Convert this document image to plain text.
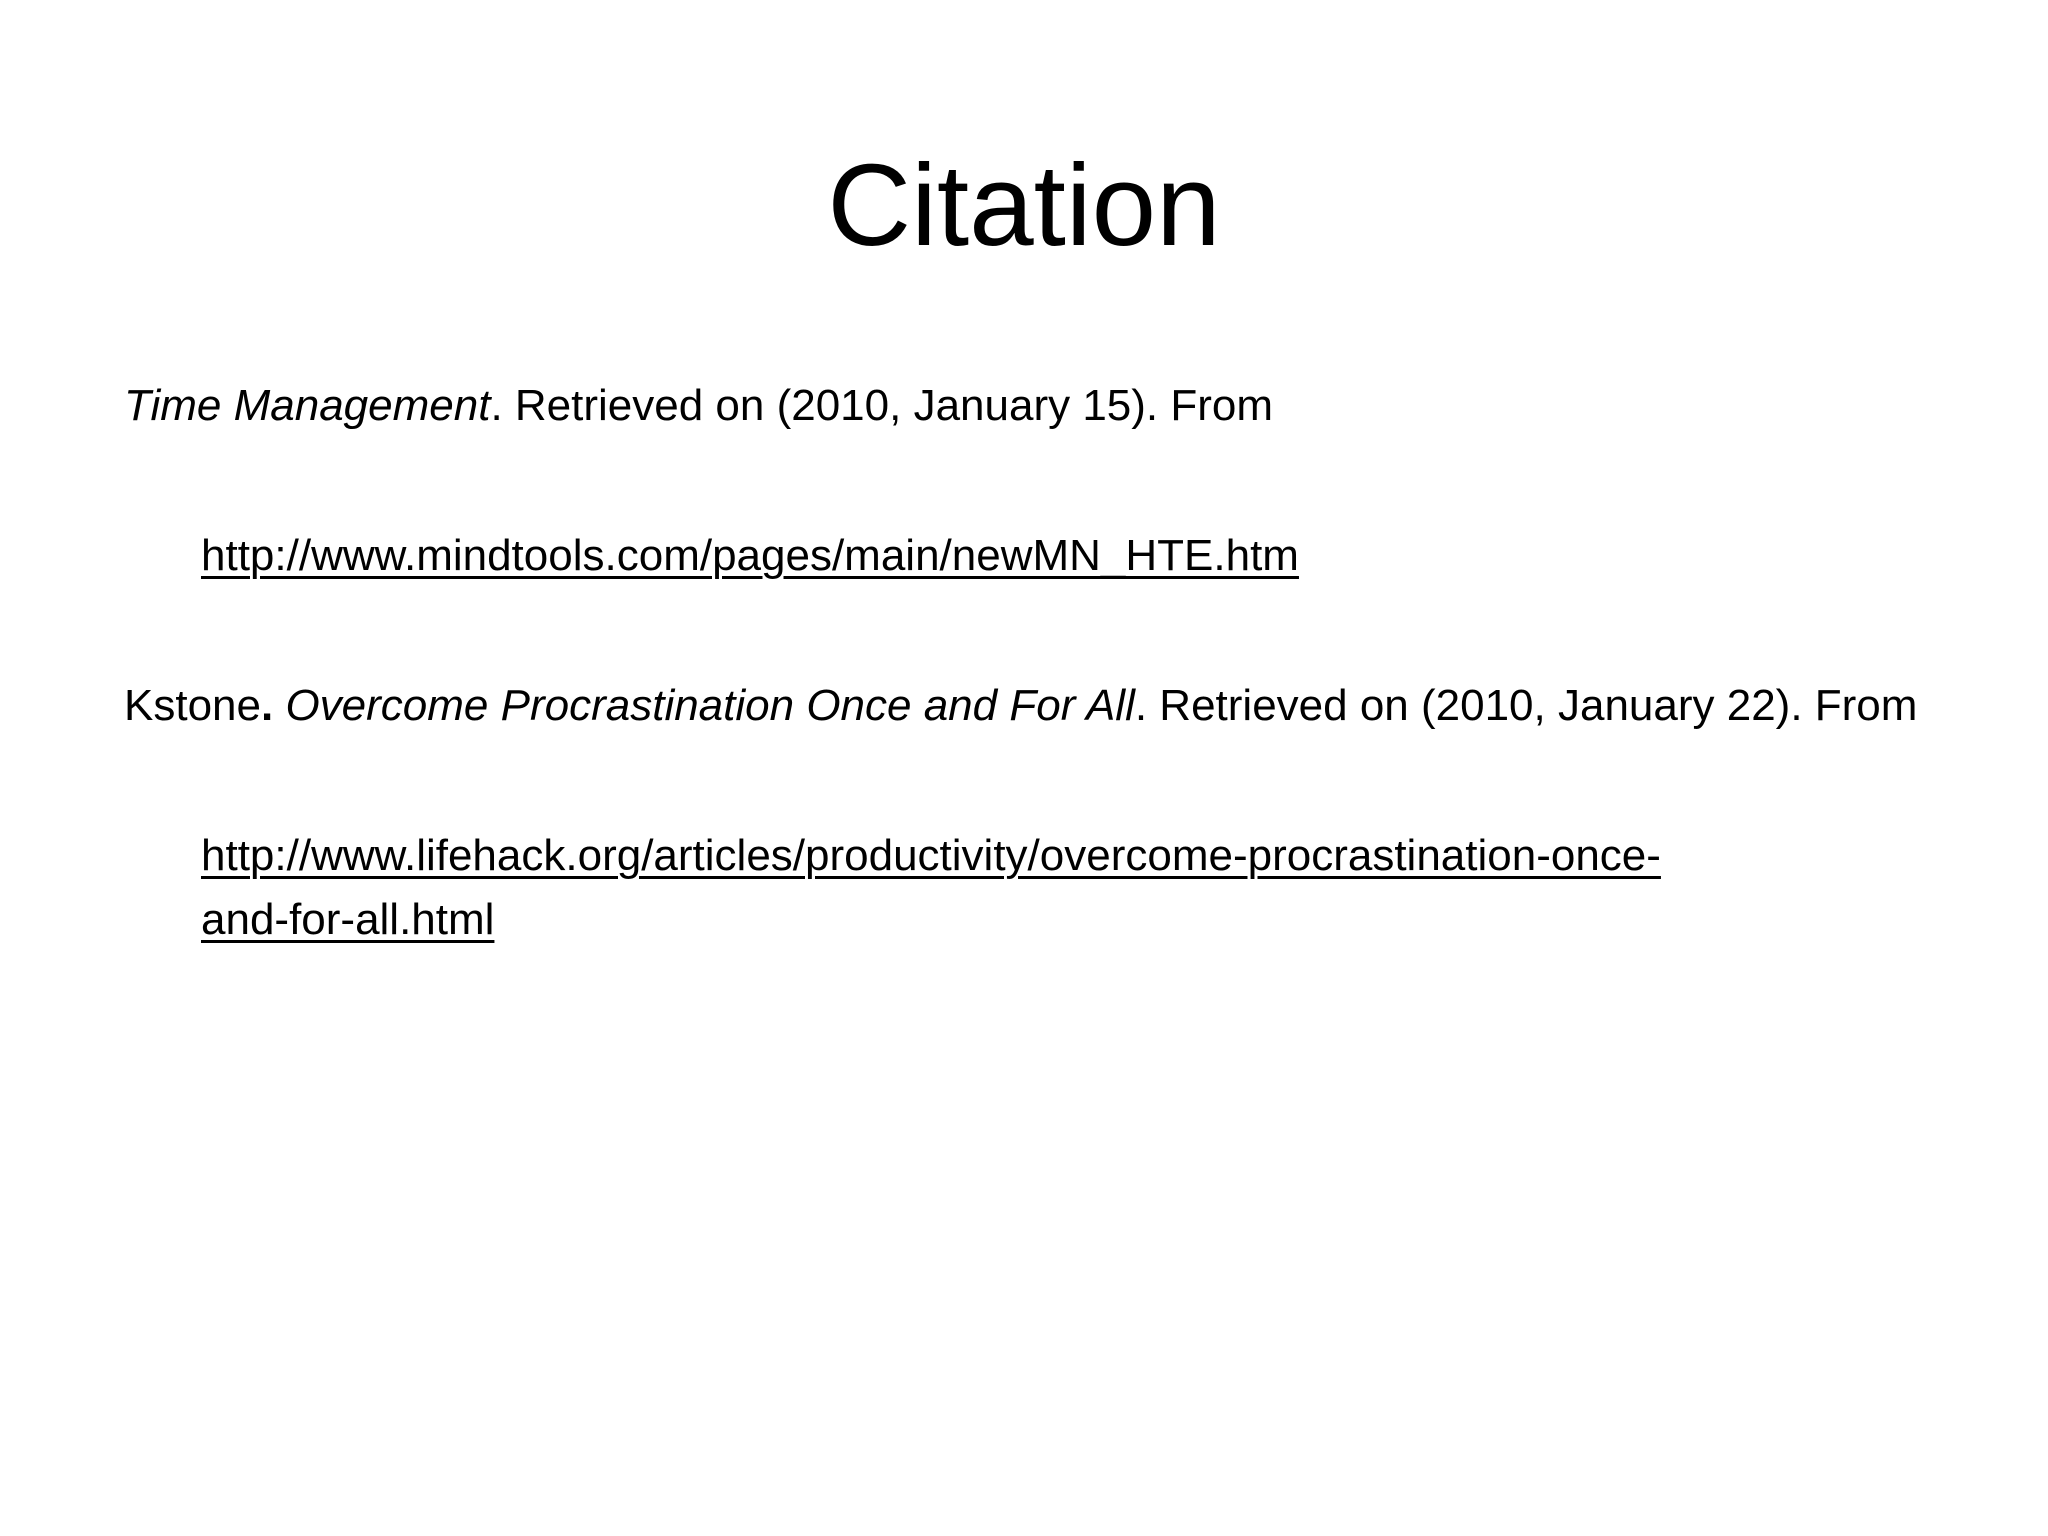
Citation

Time Management. Retrieved on (2010, January 15). From

http://www.mindtools.com/pages/main/newMN_HTE.htm

Kstone. Overcome Procrastination Once and For All. Retrieved on (2010, January 22). From

http://www.lifehack.org/articles/productivity/overcome-procrastination-once-
and-for-all.html
